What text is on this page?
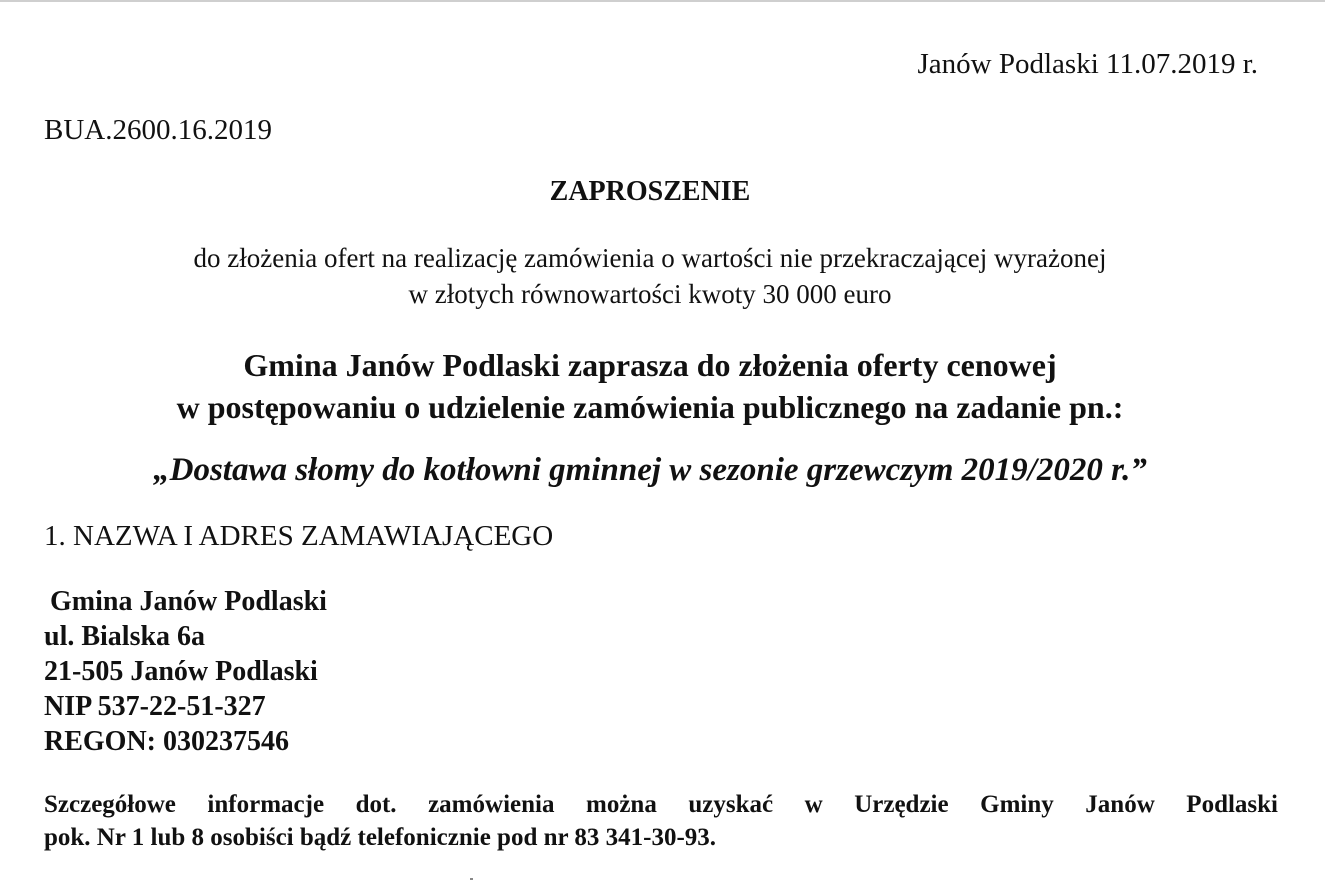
Janów Podlaski 11.07.2019 r.
BUA.2600.16.2019
ZAPROSZENIE
do złożenia ofert na realizację zamówienia o wartości nie przekraczającej wyrażonej
w złotych równowartości kwoty 30 000 euro
Gmina Janów Podlaski zaprasza do złożenia oferty cenowej
w postępowaniu o udzielenie zamówienia publicznego na zadanie pn.:
„Dostawa słomy do kotłowni gminnej w sezonie grzewczym 2019/2020 r.”
1. NAZWA I ADRES ZAMAWIAJĄCEGO
Gmina Janów Podlaski
ul. Bialska 6a
21-505 Janów Podlaski
NIP 537-22-51-327
REGON: 030237546
Szczegółowe informacje dot. zamówienia można uzyskać w Urzędzie Gminy Janów Podlaski
pok. Nr 1 lub 8 osobiści bądź telefonicznie pod nr 83 341-30-93.
